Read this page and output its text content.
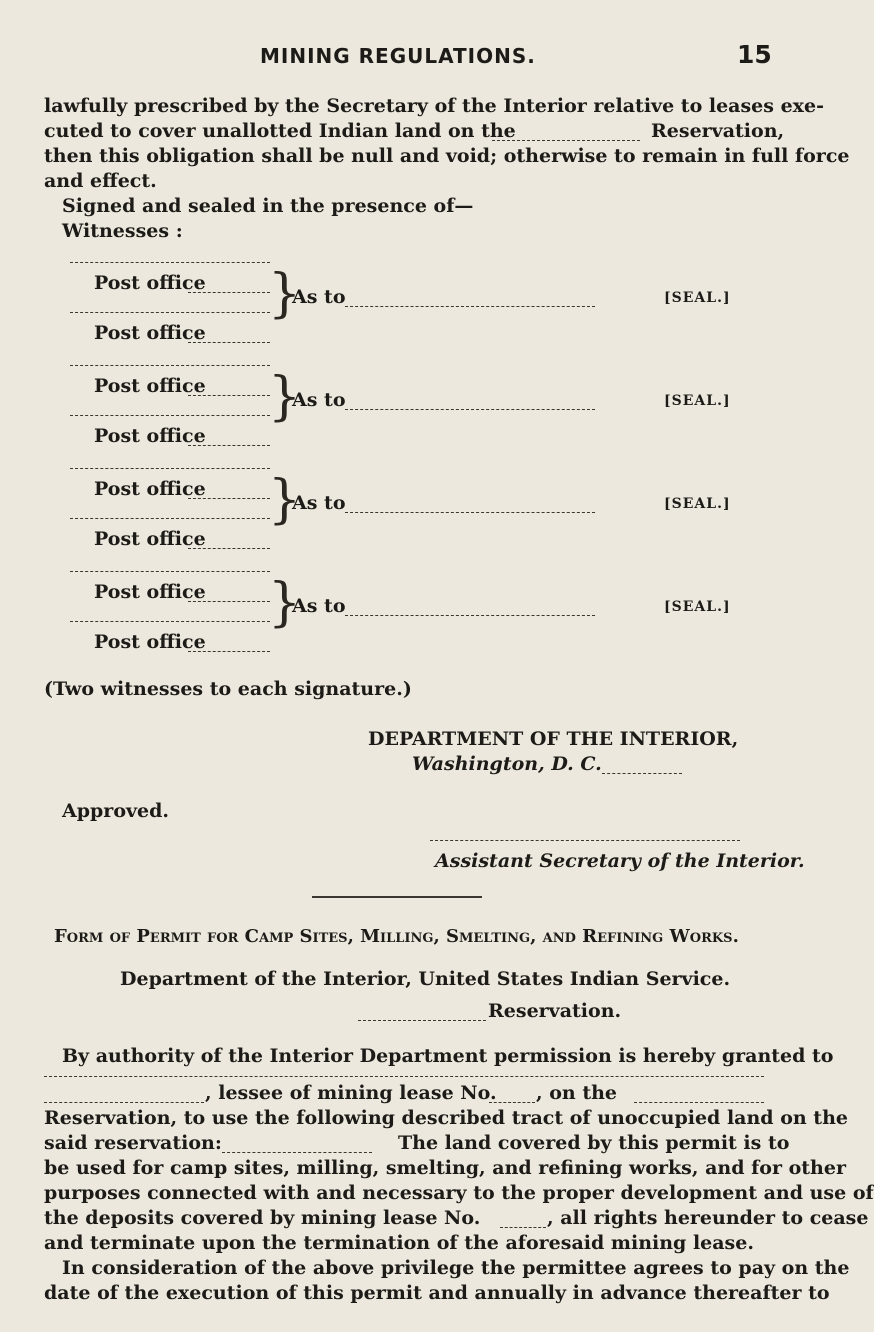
MINING REGULATIONS.	15
lawfully prescribed by the Secretary of the Interior relative to leases exe-
cuted to cover unallotted Indian land on the	Reservation,
then this obligation shall be null and void; otherwise to remain in full force
and effect.
Signed and sealed in the presence of—
Witnesses :
Post office
Post office
}
As to	[SEAL.]
Post office
Post office
}
As to	[SEAL.]
Post office
Post office
}
As to	[SEAL.]
Post office
Post office
}
As to	[SEAL.]
(Two witnesses to each signature.)
DEPARTMENT OF THE INTERIOR,
Washington, D. C.
Approved.
Assistant Secretary of the Interior.
Form of Permit for Camp Sites, Milling, Smelting, and Refining Works.
Department of the Interior, United States Indian Service.
Reservation.
By authority of the Interior Department permission is hereby granted to
, lessee of mining lease No. , on the
Reservation, to use the following described tract of unoccupied land on the
said reservation:	The land covered by this permit is to
be used for camp sites, milling, smelting, and refining works, and for other
purposes connected with and necessary to the proper development and use of
the deposits covered by mining lease No.	, all rights hereunder to cease
and terminate upon the termination of the aforesaid mining lease.
In consideration of the above privilege the permittee agrees to pay on the
date of the execution of this permit and annually in advance thereafter to
